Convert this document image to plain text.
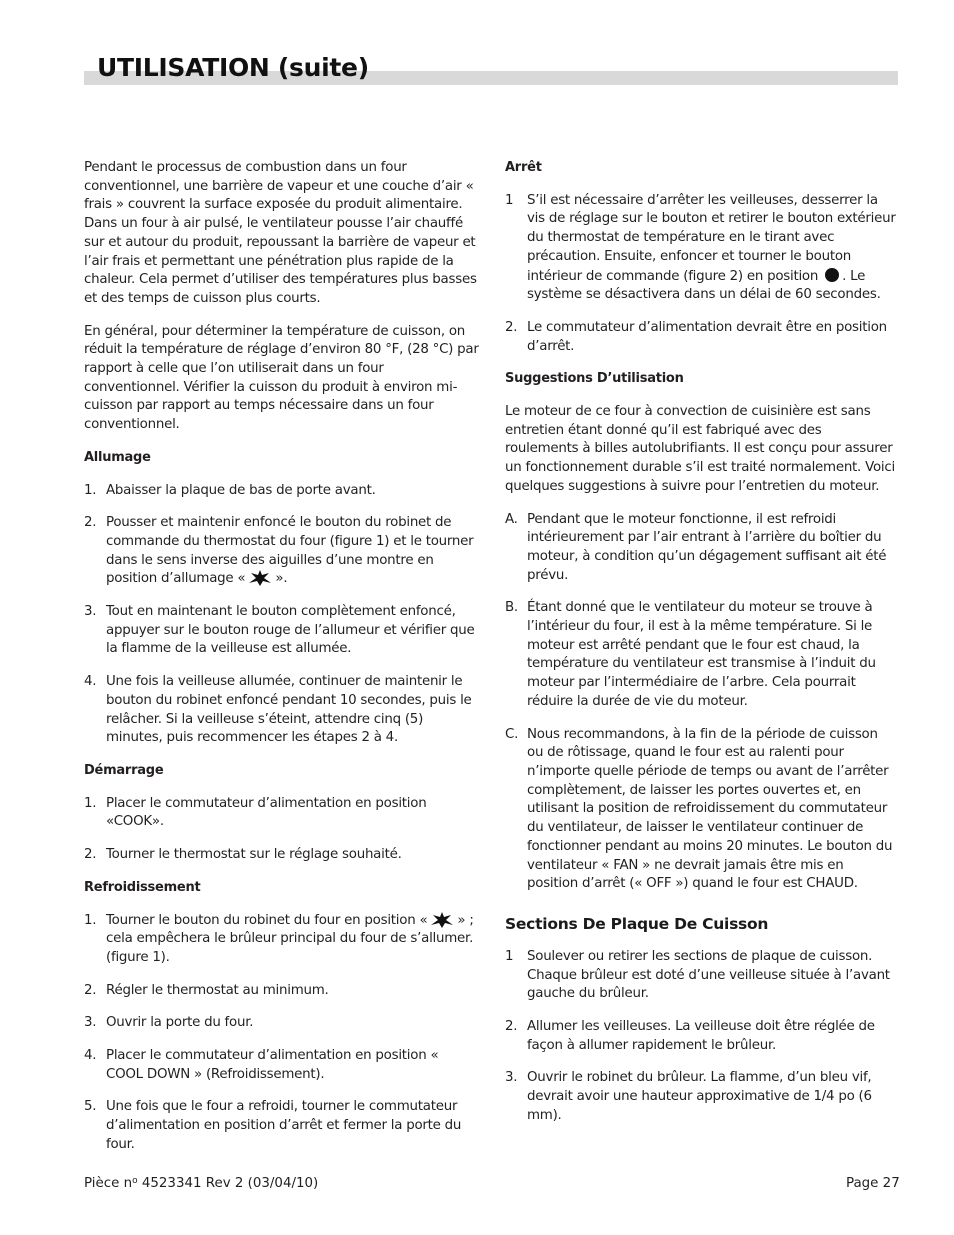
UTILISATION (suite)

Pendant le processus de combustion dans un four conventionnel, une barrière de vapeur et une couche d’air « frais » couvrent la surface exposée du produit alimentaire. Dans un four à air pulsé, le ventilateur pousse l’air chauffé sur et autour du produit, repoussant la barrière de vapeur et l’air frais et permettant une pénétration plus rapide de la chaleur. Cela permet d’utiliser des températures plus basses et des temps de cuisson plus courts.

En général, pour déterminer la température de cuisson, on réduit la température de réglage d’environ 80 °F, (28 °C) par rapport à celle que l’on utiliserait dans un four conventionnel. Vérifier la cuisson du produit à environ mi-cuisson par rapport au temps nécessaire dans un four conventionnel.

Allumage
1. Abaisser la plaque de bas de porte avant.
2. Pousser et maintenir enfoncé le bouton du robinet de commande du thermostat du four (figure 1) et le tourner dans le sens inverse des aiguilles d’une montre en position d’allumage «  ».
3. Tout en maintenant le bouton complètement enfoncé, appuyer sur le bouton rouge de l’allumeur et vérifier que la flamme de la veilleuse est allumée.
4. Une fois la veilleuse allumée, continuer de maintenir le bouton du robinet enfoncé pendant 10 secondes, puis le relâcher. Si la veilleuse s’éteint, attendre cinq (5) minutes, puis recommencer les étapes 2 à 4.
Démarrage
1. Placer le commutateur d’alimentation en position «COOK».
2. Tourner le thermostat sur le réglage souhaité.
Refroidissement
1. Tourner le bouton du robinet du four en position «  » ; cela empêchera le brûleur principal du four de s’allumer. (figure 1).
2. Régler le thermostat au minimum.
3. Ouvrir la porte du four.
4. Placer le commutateur d’alimentation en position « COOL DOWN » (Refroidissement).
5. Une fois que le four a refroidi, tourner le commutateur d’alimentation en position d’arrêt et fermer la porte du four.
Arrêt
1 S’il est nécessaire d’arrêter les veilleuses, desserrer la vis de réglage sur le bouton et retirer le bouton extérieur du thermostat de température en le tirant avec précaution. Ensuite, enfoncer et tourner le bouton intérieur de commande (figure 2) en position . Le système se désactivera dans un délai de 60 secondes.
2. Le commutateur d’alimentation devrait être en position d’arrêt.
Suggestions D’utilisation

Le moteur de ce four à convection de cuisinière est sans entretien étant donné qu’il est fabriqué avec des roulements à billes autolubrifiants. Il est conçu pour assurer un fonctionnement durable s’il est traité normalement. Voici quelques suggestions à suivre pour l’entretien du moteur.

A. Pendant que le moteur fonctionne, il est refroidi intérieurement par l’air entrant à l’arrière du boîtier du moteur, à condition qu’un dégagement suffisant ait été prévu.
B. Étant donné que le ventilateur du moteur se trouve à l’intérieur du four, il est à la même température. Si le moteur est arrêté pendant que le four est chaud, la température du ventilateur est transmise à l’induit du moteur par l’intermédiaire de l’arbre. Cela pourrait réduire la durée de vie du moteur.
C. Nous recommandons, à la fin de la période de cuisson ou de rôtissage, quand le four est au ralenti pour n’importe quelle période de temps ou avant de l’arrêter complètement, de laisser les portes ouvertes et, en utilisant la position de refroidissement du commutateur du ventilateur, de laisser le ventilateur continuer de fonctionner pendant au moins 20 minutes. Le bouton du ventilateur « FAN » ne devrait jamais être mis en position d’arrêt (« OFF ») quand le four est CHAUD.
Sections De Plaque De Cuisson
1 Soulever ou retirer les sections de plaque de cuisson. Chaque brûleur est doté d’une veilleuse située à l’avant gauche du brûleur.
2. Allumer les veilleuses. La veilleuse doit être réglée de façon à allumer rapidement le brûleur.
3. Ouvrir le robinet du brûleur. La flamme, d’un bleu vif, devrait avoir une hauteur approximative de 1/4 po (6 mm).
Pièce $n^o$ 4523341 Rev 2 (03/04/10)	Page 27
